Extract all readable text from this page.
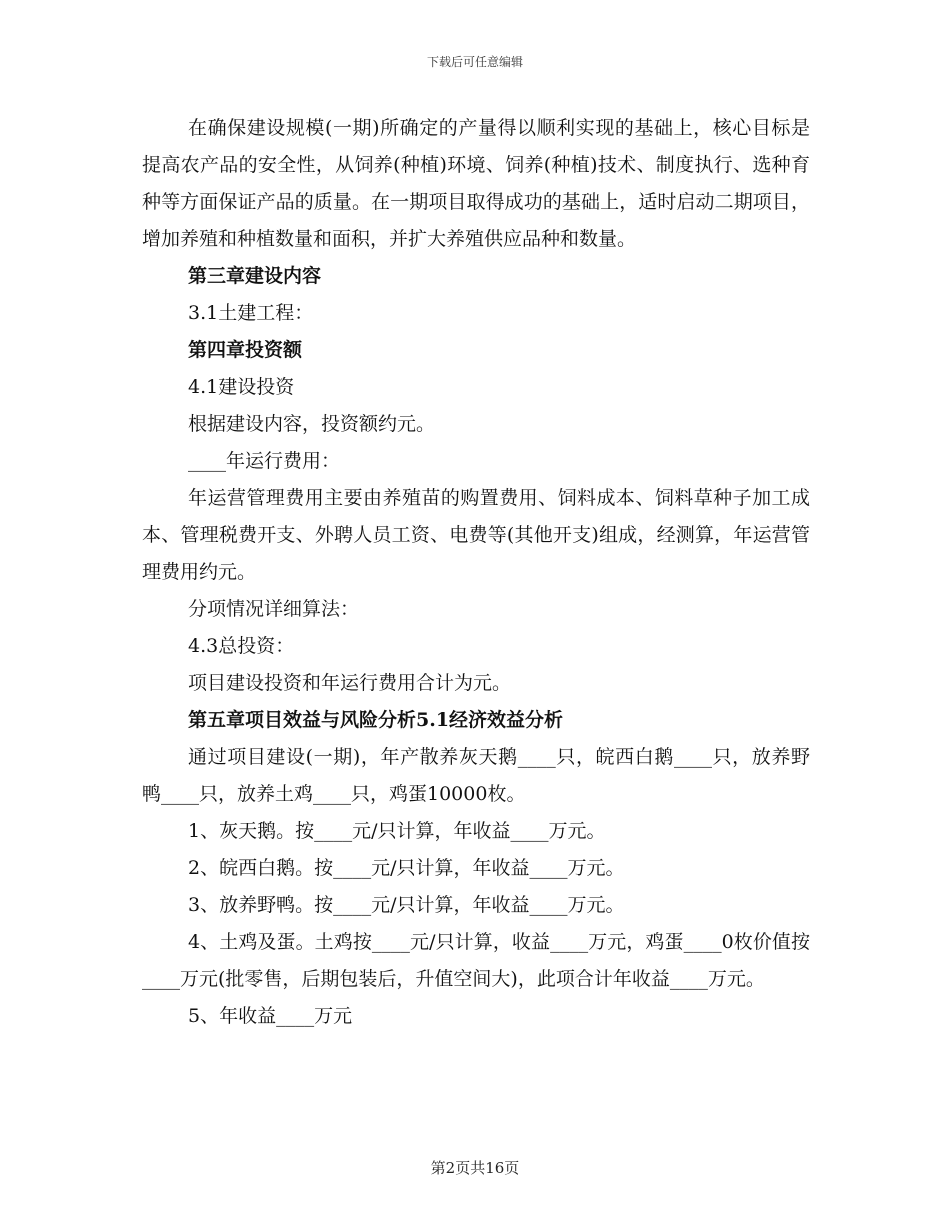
下载后可任意编辑

在确保建设规模(一期)所确定的产量得以顺利实现的基础上，核心目标是提高农产品的安全性，从饲养(种植)环境、饲养(种植)技术、制度执行、选种育种等方面保证产品的质量。在一期项目取得成功的基础上，适时启动二期项目，增加养殖和种植数量和面积，并扩大养殖供应品种和数量。

第三章建设内容

3.1土建工程：

第四章投资额

4.1建设投资

根据建设内容，投资额约元。

____年运行费用：

年运营管理费用主要由养殖苗的购置费用、饲料成本、饲料草种子加工成本、管理税费开支、外聘人员工资、电费等(其他开支)组成，经测算，年运营管理费用约元。

分项情况详细算法：

4.3总投资：

项目建设投资和年运行费用合计为元。

第五章项目效益与风险分析5.1经济效益分析

通过项目建设(一期)，年产散养灰天鹅____只，皖西白鹅____只，放养野鸭____只，放养土鸡____只，鸡蛋10000枚。

1、灰天鹅。按____元/只计算，年收益____万元。

2、皖西白鹅。按____元/只计算，年收益____万元。

3、放养野鸭。按____元/只计算，年收益____万元。

4、土鸡及蛋。土鸡按____元/只计算，收益____万元，鸡蛋____0枚价值按____万元(批零售，后期包装后，升值空间大)，此项合计年收益____万元。

5、年收益____万元

第2页共16页
